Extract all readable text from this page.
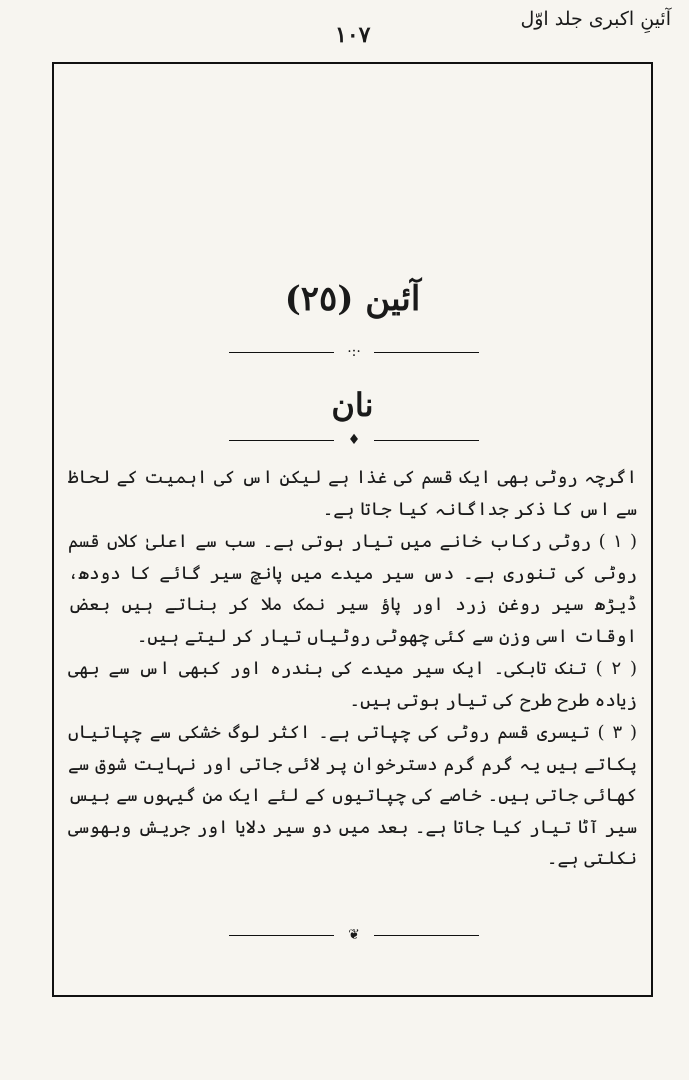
آئینِ اکبری جلد اوّل
١٠٧
آئین (٢٥)
·:·
نان
♦

اگرچہ روٹی بھی ایک قسم کی غذا ہے لیکن اس کی اہمیت کے لحاظ سے اس کا ذکر جداگانہ کیا جاتا ہے۔

( ١ ) روٹی رکاب خانے میں تیار ہوتی ہے۔ سب سے اعلیٰ کلاں قسم روٹی کی تنوری ہے۔ دس سیر میدے میں پانچ سیر گائے کا دودھ، ڈیڑھ سیر روغن زرد اور پاؤ سیر نمک ملا کر بناتے ہیں بعض اوقات اسی وزن سے کئی چھوٹی روٹیاں تیار کر لیتے ہیں۔

( ٢ ) تنک تابکی۔ ایک سیر میدے کی بندرہ اور کبھی اس سے بھی زیادہ طرح طرح کی تیار ہوتی ہیں۔

( ٣ ) تیسری قسم روٹی کی چپاتی ہے۔ اکثر لوگ خشکی سے چپاتیاں پکاتے ہیں یہ گرم گرم دسترخوان پر لائی جاتی اور نہایت شوق سے کھائی جاتی ہیں۔ خاصے کی چپاتیوں کے لئے ایک من گیہوں سے بیس سیر آٹا تیار کیا جاتا ہے۔ بعد میں دو سیر دلایا اور جریش وبھوسی نکلتی ہے۔

❦
